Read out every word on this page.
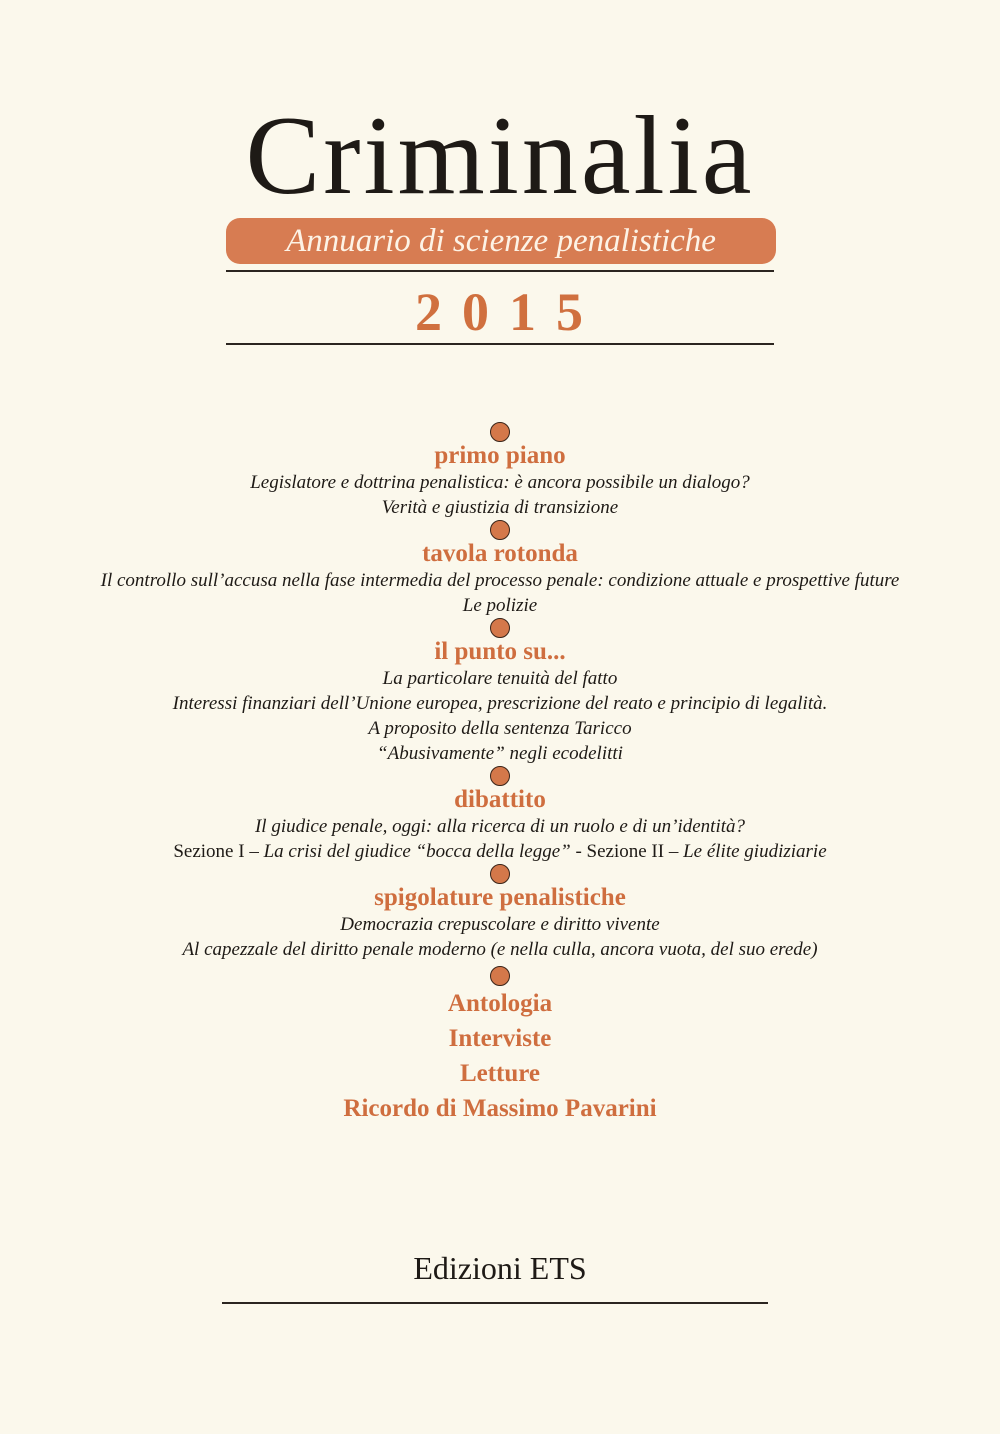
Criminalia
Annuario di scienze penalistiche
2015
primo piano
Legislatore e dottrina penalistica: è ancora possibile un dialogo?
Verità e giustizia di transizione
tavola rotonda
Il controllo sull’accusa nella fase intermedia del processo penale: condizione attuale e prospettive future
Le polizie
il punto su...
La particolare tenuità del fatto
Interessi finanziari dell’Unione europea, prescrizione del reato e principio di legalità.
A proposito della sentenza Taricco
“Abusivamente” negli ecodelitti
dibattito
Il giudice penale, oggi: alla ricerca di un ruolo e di un’identità?
Sezione I – La crisi del giudice “bocca della legge” - Sezione II – Le élite giudiziarie
spigolature penalistiche
Democrazia crepuscolare e diritto vivente
Al capezzale del diritto penale moderno (e nella culla, ancora vuota, del suo erede)
Antologia
Interviste
Letture
Ricordo di Massimo Pavarini
Edizioni ETS
